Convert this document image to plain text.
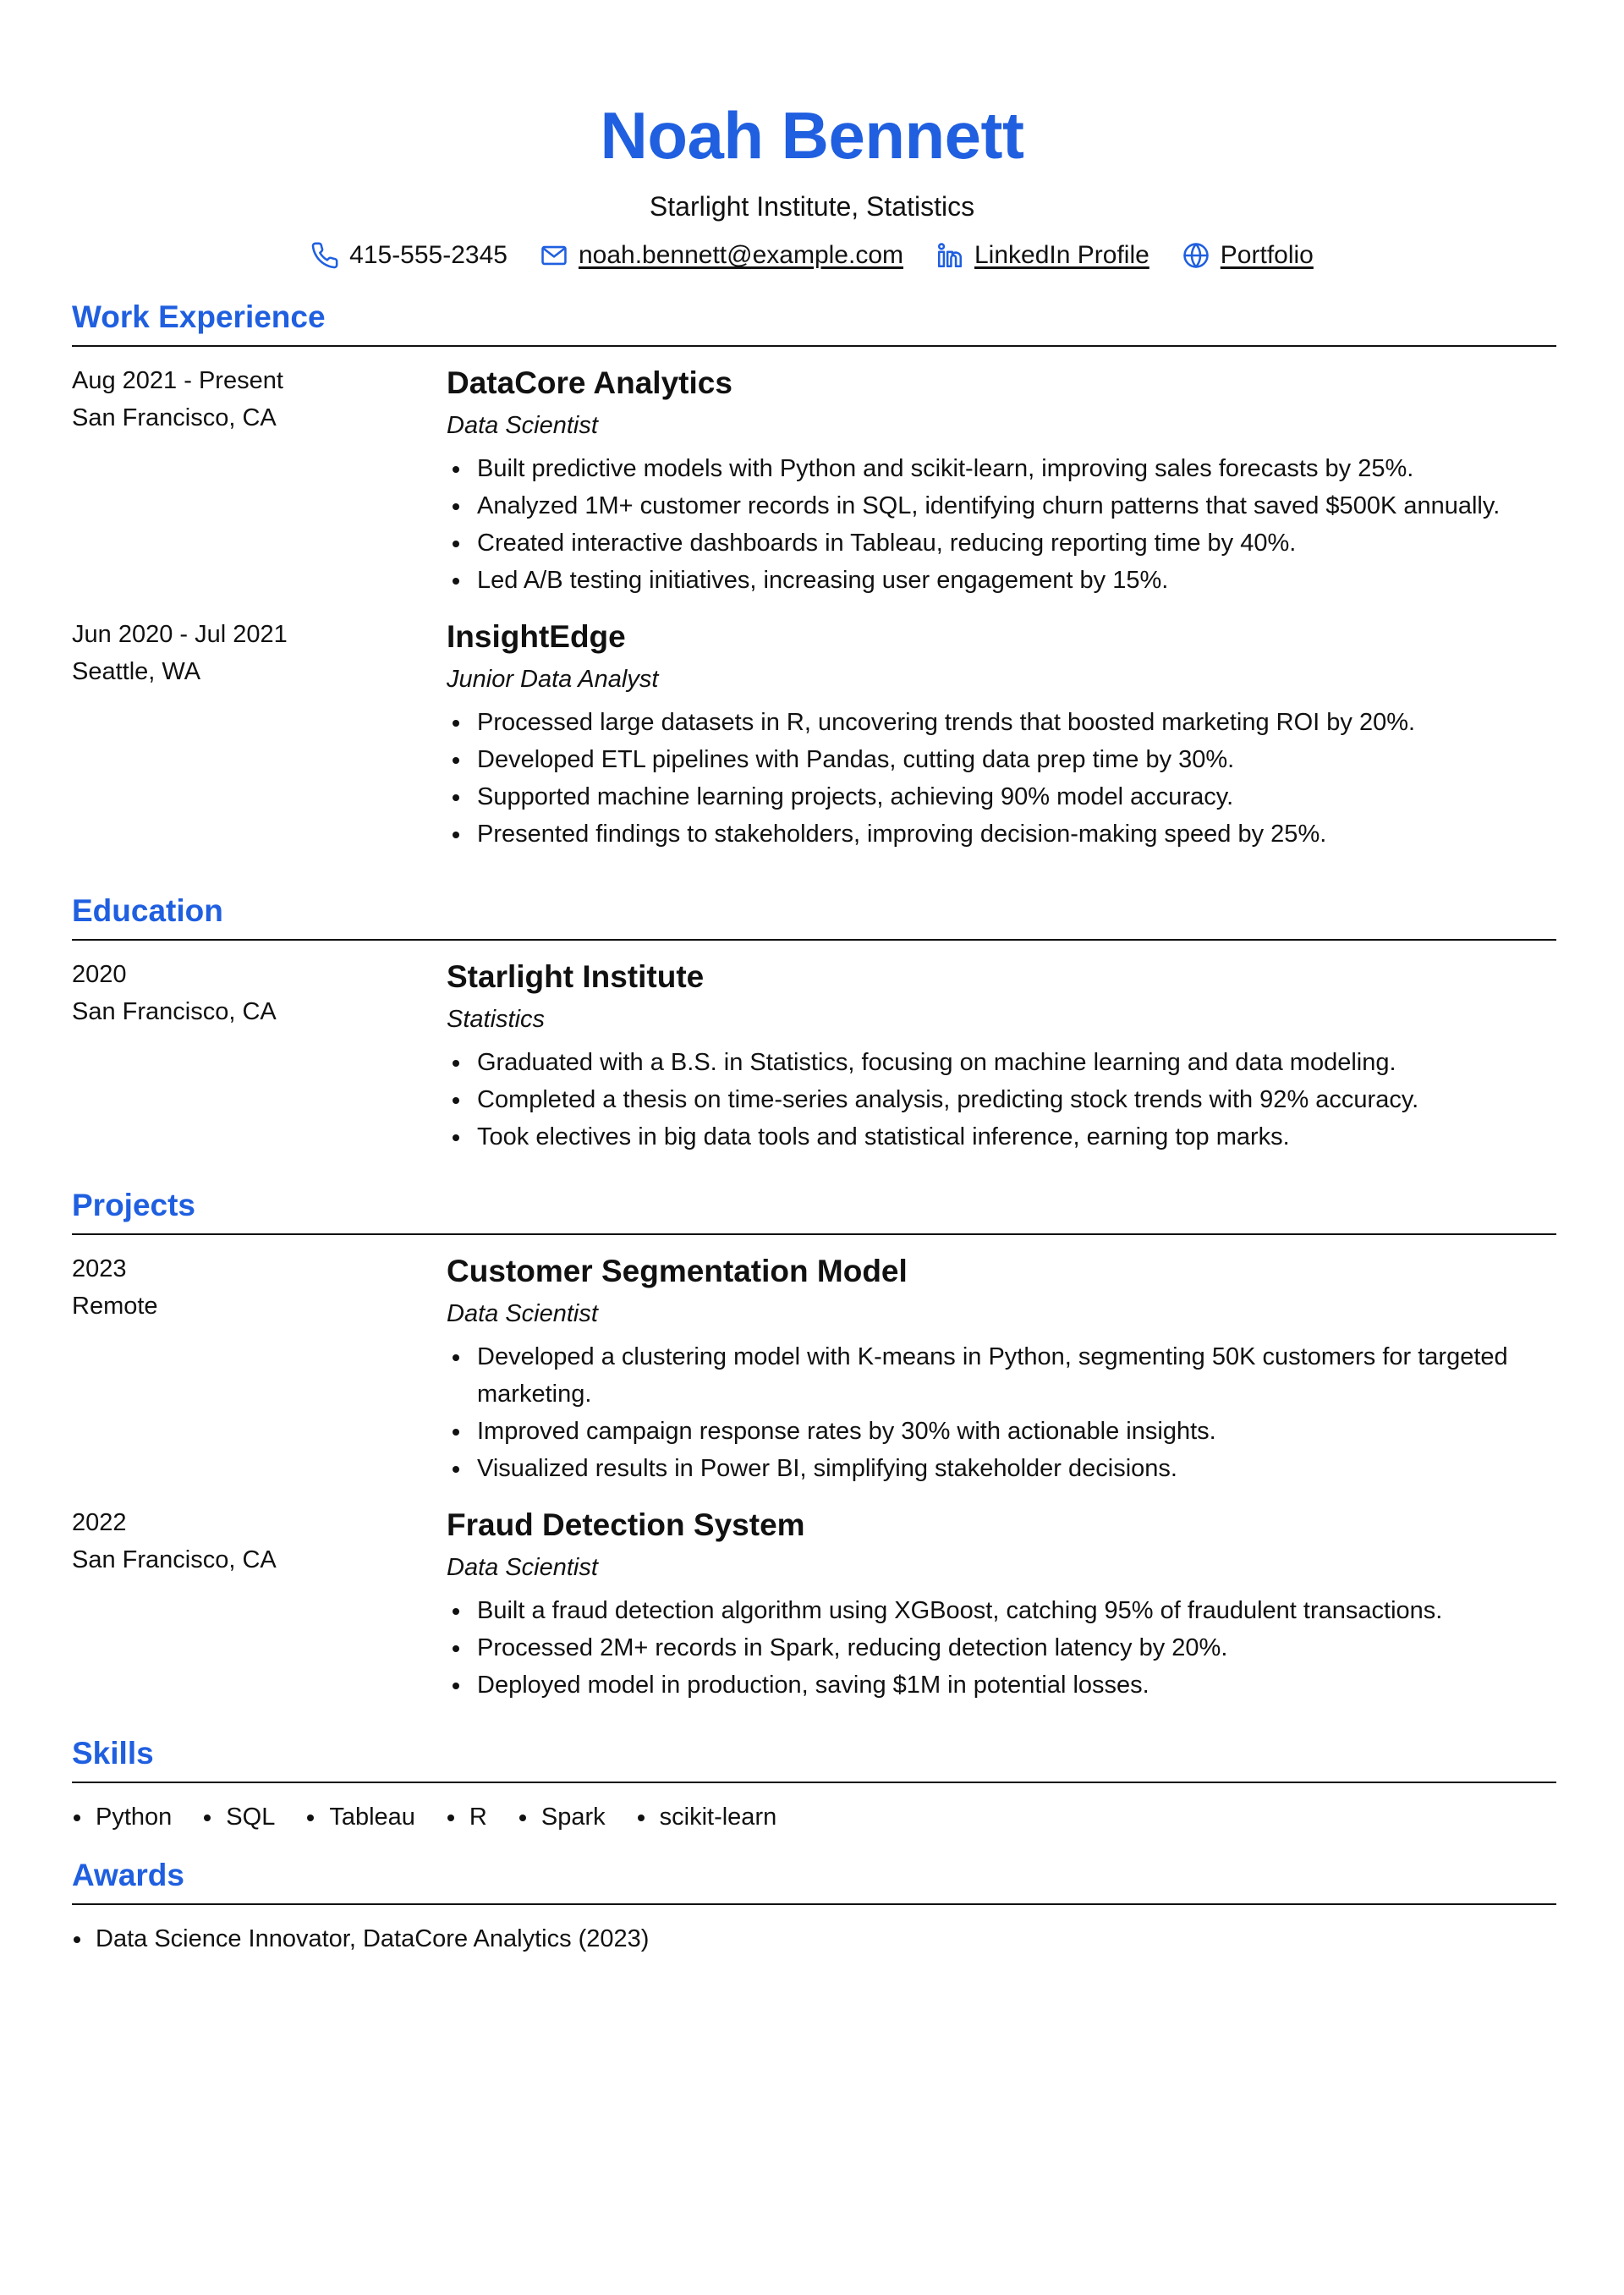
Noah Bennett
Starlight Institute, Statistics
415-555-2345	noah.bennett@example.com	LinkedIn Profile	Portfolio
Work Experience
Aug 2021 - Present
San Francisco, CA
DataCore Analytics
Data Scientist
Built predictive models with Python and scikit-learn, improving sales forecasts by 25%.
Analyzed 1M+ customer records in SQL, identifying churn patterns that saved $500K annually.
Created interactive dashboards in Tableau, reducing reporting time by 40%.
Led A/B testing initiatives, increasing user engagement by 15%.
Jun 2020 - Jul 2021
Seattle, WA
InsightEdge
Junior Data Analyst
Processed large datasets in R, uncovering trends that boosted marketing ROI by 20%.
Developed ETL pipelines with Pandas, cutting data prep time by 30%.
Supported machine learning projects, achieving 90% model accuracy.
Presented findings to stakeholders, improving decision-making speed by 25%.
Education
2020
San Francisco, CA
Starlight Institute
Statistics
Graduated with a B.S. in Statistics, focusing on machine learning and data modeling.
Completed a thesis on time-series analysis, predicting stock trends with 92% accuracy.
Took electives in big data tools and statistical inference, earning top marks.
Projects
2023
Remote
Customer Segmentation Model
Data Scientist
Developed a clustering model with K-means in Python, segmenting 50K customers for targeted marketing.
Improved campaign response rates by 30% with actionable insights.
Visualized results in Power BI, simplifying stakeholder decisions.
2022
San Francisco, CA
Fraud Detection System
Data Scientist
Built a fraud detection algorithm using XGBoost, catching 95% of fraudulent transactions.
Processed 2M+ records in Spark, reducing detection latency by 20%.
Deployed model in production, saving $1M in potential losses.
Skills
Python	SQL	Tableau	R	Spark	scikit-learn
Awards
Data Science Innovator, DataCore Analytics (2023)
